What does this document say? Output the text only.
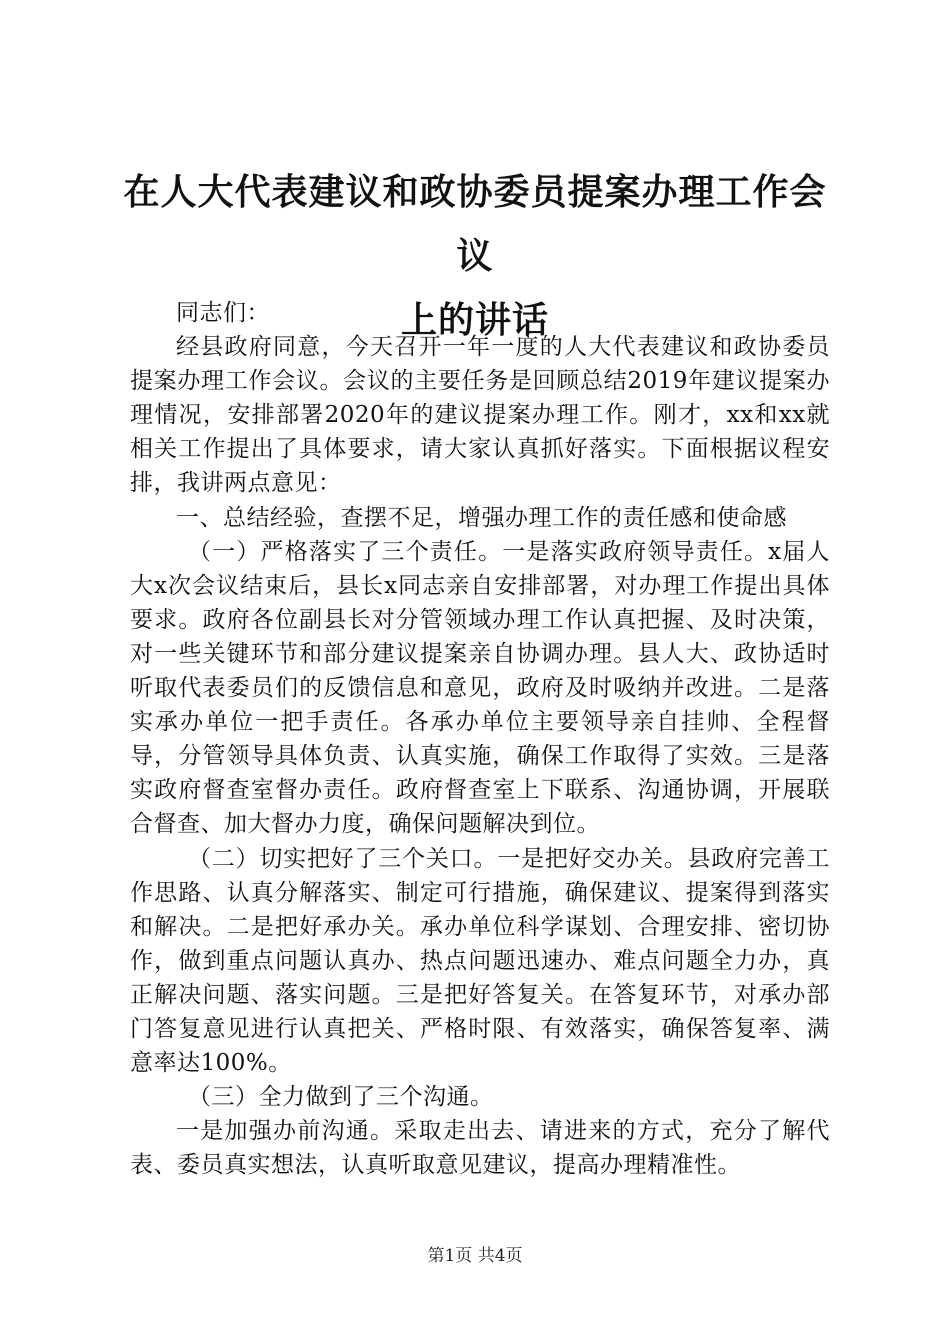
在人大代表建议和政协委员提案办理工作会议
上的讲话

同志们：

经县政府同意，今天召开一年一度的人大代表建议和政协委员提案办理工作会议。会议的主要任务是回顾总结2019年建议提案办理情况，安排部署2020年的建议提案办理工作。刚才，xx和xx就相关工作提出了具体要求，请大家认真抓好落实。下面根据议程安排，我讲两点意见：

一、总结经验，查摆不足，增强办理工作的责任感和使命感

（一）严格落实了三个责任。一是落实政府领导责任。x届人大x次会议结束后，县长x同志亲自安排部署，对办理工作提出具体要求。政府各位副县长对分管领域办理工作认真把握、及时决策，对一些关键环节和部分建议提案亲自协调办理。县人大、政协适时听取代表委员们的反馈信息和意见，政府及时吸纳并改进。二是落实承办单位一把手责任。各承办单位主要领导亲自挂帅、全程督导，分管领导具体负责、认真实施，确保工作取得了实效。三是落实政府督查室督办责任。政府督查室上下联系、沟通协调，开展联合督查、加大督办力度，确保问题解决到位。

（二）切实把好了三个关口。一是把好交办关。县政府完善工作思路、认真分解落实、制定可行措施，确保建议、提案得到落实和解决。二是把好承办关。承办单位科学谋划、合理安排、密切协作，做到重点问题认真办、热点问题迅速办、难点问题全力办，真正解决问题、落实问题。三是把好答复关。在答复环节，对承办部门答复意见进行认真把关、严格时限、有效落实，确保答复率、满意率达100%。

（三）全力做到了三个沟通。

一是加强办前沟通。采取走出去、请进来的方式，充分了解代表、委员真实想法，认真听取意见建议，提高办理精准性。

第1页 共4页
